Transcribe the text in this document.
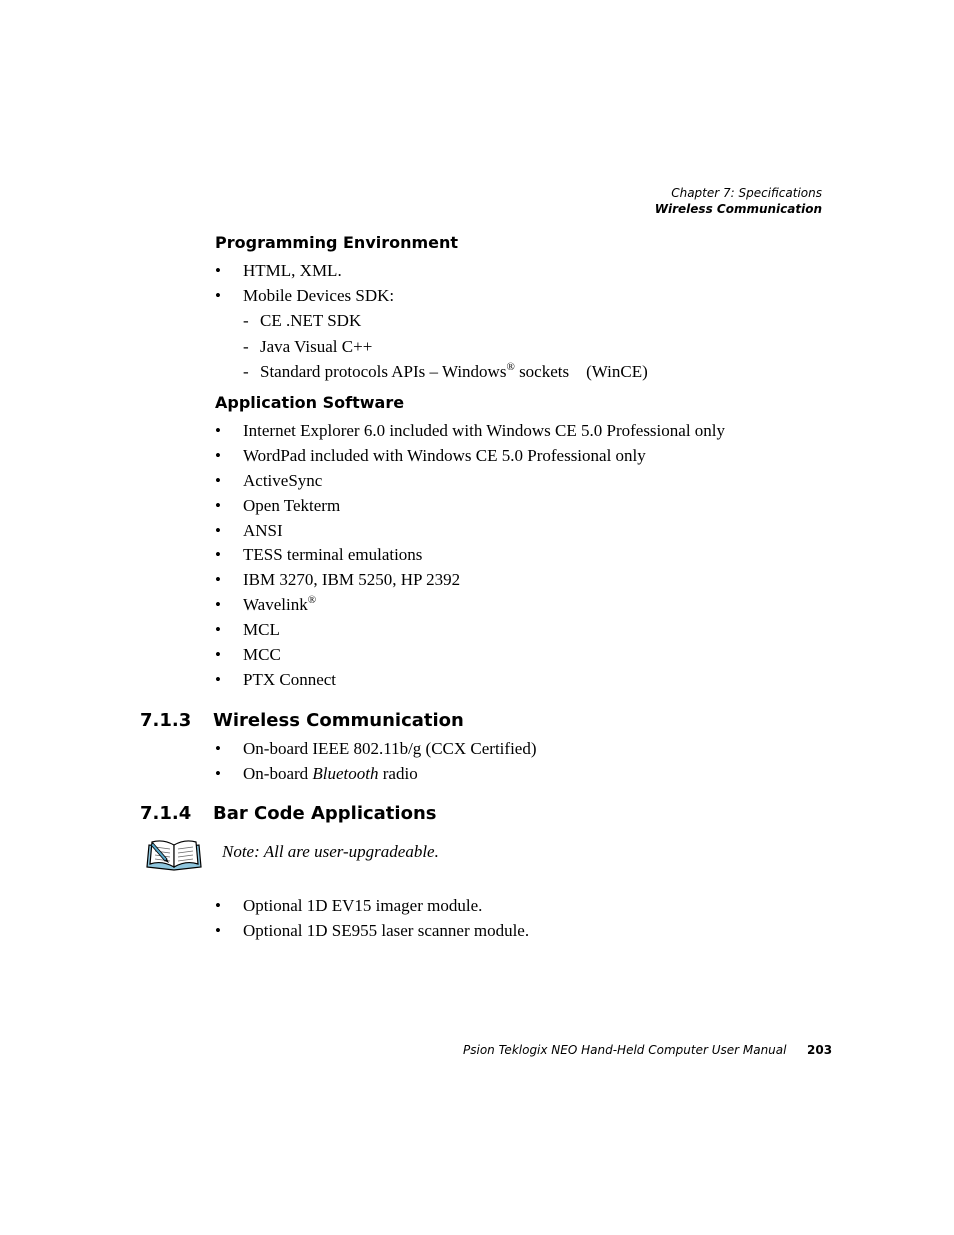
Chapter 7: Specifications
Wireless Communication
Programming Environment
• HTML, XML.
• Mobile Devices SDK:
- CE .NET SDK
- Java Visual C++
- Standard protocols APIs – Windows® sockets (WinCE)
Application Software
• Internet Explorer 6.0 included with Windows CE 5.0 Professional only
• WordPad included with Windows CE 5.0 Professional only
• ActiveSync
• Open Tekterm
• ANSI
• TESS terminal emulations
• IBM 3270, IBM 5250, HP 2392
• Wavelink®
• MCL
• MCC
• PTX Connect
7.1.3 Wireless Communication
• On-board IEEE 802.11b/g (CCX Certified)
• On-board Bluetooth radio
7.1.4 Bar Code Applications
Note: All are user-upgradeable.
• Optional 1D EV15 imager module.
• Optional 1D SE955 laser scanner module.
Psion Teklogix NEO Hand-Held Computer User Manual 203
